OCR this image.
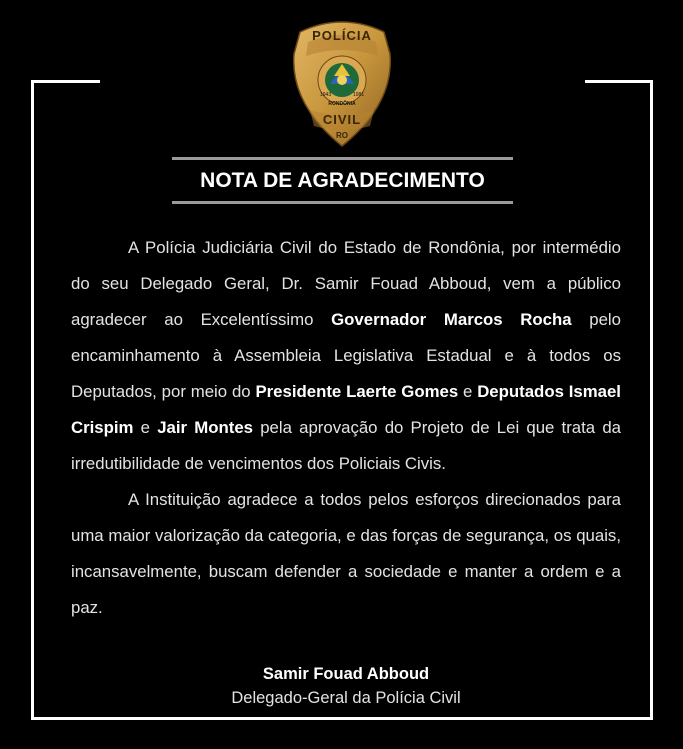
POLÍCIA
1943	1981
RONDÔNIA
CIVIL
RO
NOTA DE AGRADECIMENTO

A Polícia Judiciária Civil do Estado de Rondônia, por intermédio do seu Delegado Geral, Dr. Samir Fouad Abboud, vem a público agradecer ao Excelentíssimo Governador Marcos Rocha pelo encaminhamento à Assembleia Legislativa Estadual e à todos os Deputados, por meio do Presidente Laerte Gomes e Deputados Ismael Crispim e Jair Montes pela aprovação do Projeto de Lei que trata da irredutibilidade de vencimentos dos Policiais Civis.

A Instituição agradece a todos pelos esforços direcionados para uma maior valorização da categoria, e das forças de segurança, os quais, incansavelmente, buscam defender a sociedade e manter a ordem e a paz.

Samir Fouad Abboud
Delegado-Geral da Polícia Civil
